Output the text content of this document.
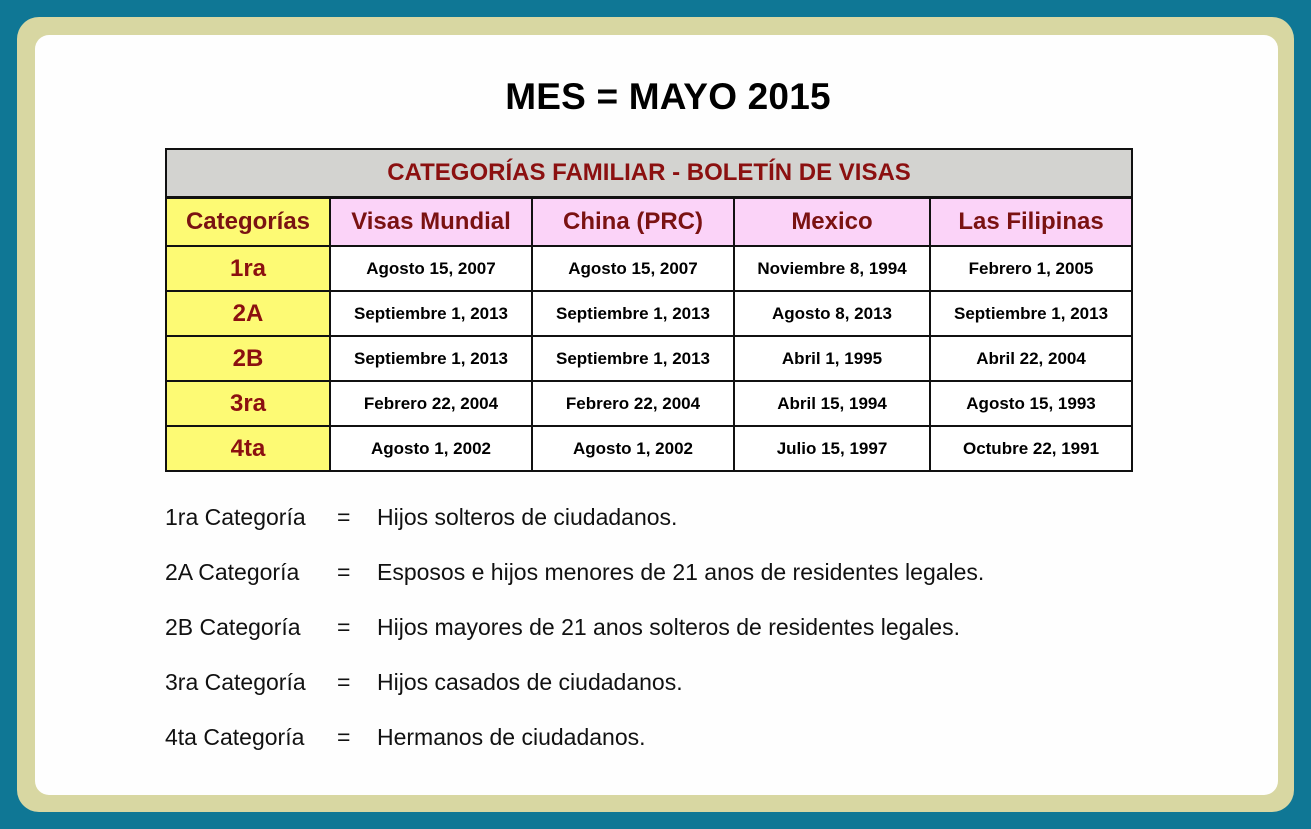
MES = MAYO 2015
CATEGORÍAS FAMILIAR - BOLETÍN DE VISAS				
Categorías	Visas Mundial	China (PRC)	Mexico	Las Filipinas
1ra	Agosto 15, 2007	Agosto 15, 2007	Noviembre 8, 1994	Febrero 1, 2005
2A	Septiembre 1, 2013	Septiembre 1, 2013	Agosto 8, 2013	Septiembre 1, 2013
2B	Septiembre 1, 2013	Septiembre 1, 2013	Abril 1, 1995	Abril 22, 2004
3ra	Febrero 22, 2004	Febrero 22, 2004	Abril 15, 1994	Agosto 15, 1993
4ta	Agosto 1, 2002	Agosto 1, 2002	Julio 15, 1997	Octubre 22, 1991
1ra Categoría = Hijos solteros de ciudadanos.
2A Categoría = Esposos e hijos menores de 21 anos de residentes legales.
2B Categoría = Hijos mayores de 21 anos solteros de residentes legales.
3ra Categoría = Hijos casados de ciudadanos.
4ta Categoría = Hermanos de ciudadanos.
